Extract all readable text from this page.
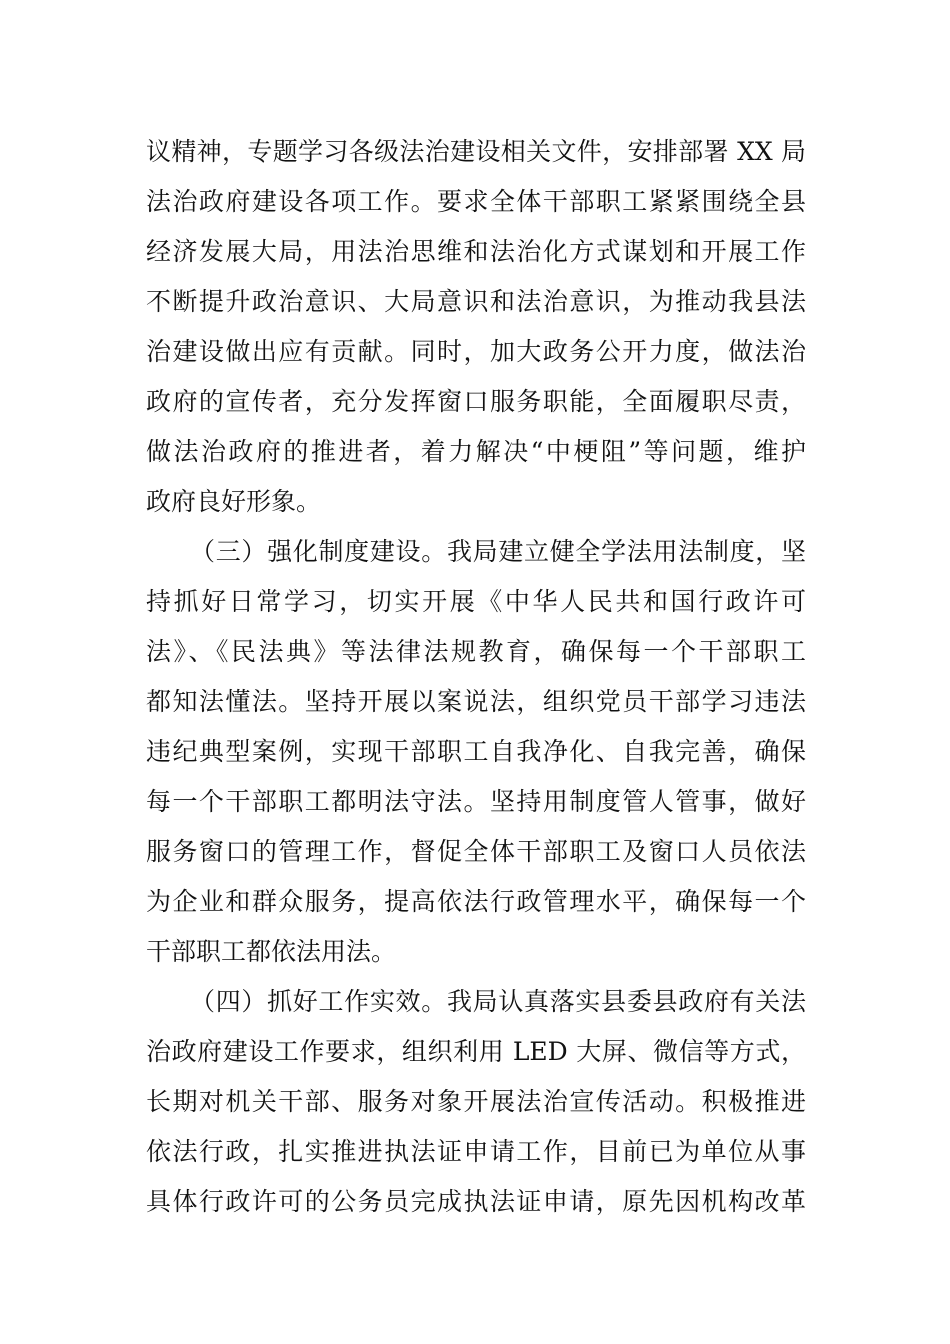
议精神，专题学习各级法治建设相关文件，安排部署 XX 局
法治政府建设各项工作。要求全体干部职工紧紧围绕全县
经济发展大局，用法治思维和法治化方式谋划和开展工作
不断提升政治意识、大局意识和法治意识，为推动我县法
治建设做出应有贡献。同时，加大政务公开力度，做法治
政府的宣传者，充分发挥窗口服务职能，全面履职尽责，
做法治政府的推进者，着力解决“中梗阻”等问题，维护
政府良好形象。
（三）强化制度建设。我局建立健全学法用法制度，坚
持抓好日常学习，切实开展《中华人民共和国行政许可
法》、《民法典》等法律法规教育，确保每一个干部职工
都知法懂法。坚持开展以案说法，组织党员干部学习违法
违纪典型案例，实现干部职工自我净化、自我完善，确保
每一个干部职工都明法守法。坚持用制度管人管事，做好
服务窗口的管理工作，督促全体干部职工及窗口人员依法
为企业和群众服务，提高依法行政管理水平，确保每一个
干部职工都依法用法。
（四）抓好工作实效。我局认真落实县委县政府有关法
治政府建设工作要求，组织利用 LED 大屏、微信等方式，
长期对机关干部、服务对象开展法治宣传活动。积极推进
依法行政，扎实推进执法证申请工作，目前已为单位从事
具体行政许可的公务员完成执法证申请，原先因机构改革
